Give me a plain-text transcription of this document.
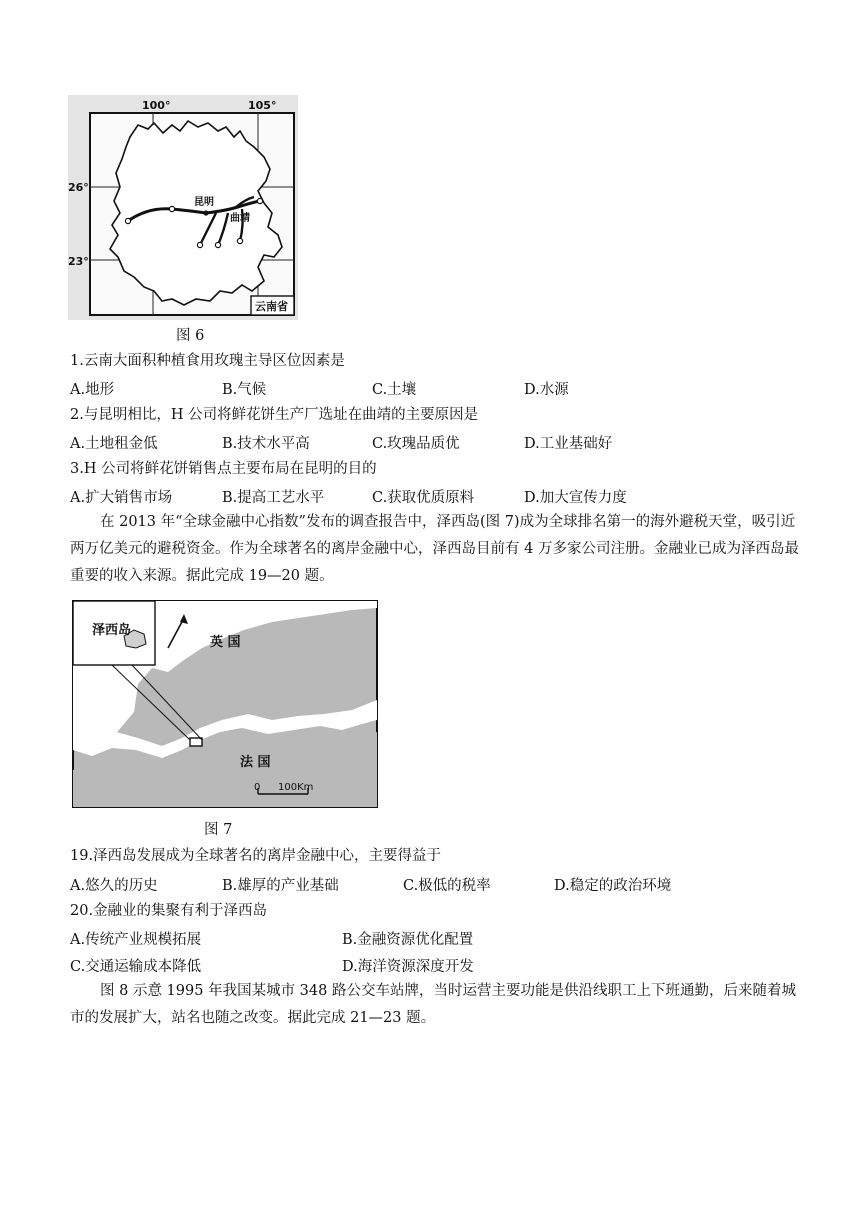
100°	105°
26°
23°
昆明
曲靖
云南省
图 6
1.云南大面积种植食用玫瑰主导区位因素是
A.地形	B.气候	C.土壤	D.水源
2.与昆明相比，H 公司将鲜花饼生产厂选址在曲靖的主要原因是
A.土地租金低	B.技术水平高	C.玫瑰品质优	D.工业基础好
3.H 公司将鲜花饼销售点主要布局在昆明的目的
A.扩大销售市场	B.提高工艺水平	C.获取优质原料	D.加大宣传力度
在 2013 年“全球金融中心指数”发布的调查报告中，泽西岛(图 7)成为全球排名第一的海外避税天堂，吸引近两万亿美元的避税资金。作为全球著名的离岸金融中心，泽西岛目前有 4 万多家公司注册。金融业已成为泽西岛最重要的收入来源。据此完成 19—20 题。
泽西岛
英 国
法 国
0 100Km
图 7
19.泽西岛发展成为全球著名的离岸金融中心，主要得益于
A.悠久的历史	B.雄厚的产业基础	C.极低的税率	D.稳定的政治环境
20.金融业的集聚有利于泽西岛
A.传统产业规模拓展	B.金融资源优化配置
C.交通运输成本降低	D.海洋资源深度开发
图 8 示意 1995 年我国某城市 348 路公交车站牌，当时运营主要功能是供沿线职工上下班通勤，后来随着城市的发展扩大，站名也随之改变。据此完成 21—23 题。
